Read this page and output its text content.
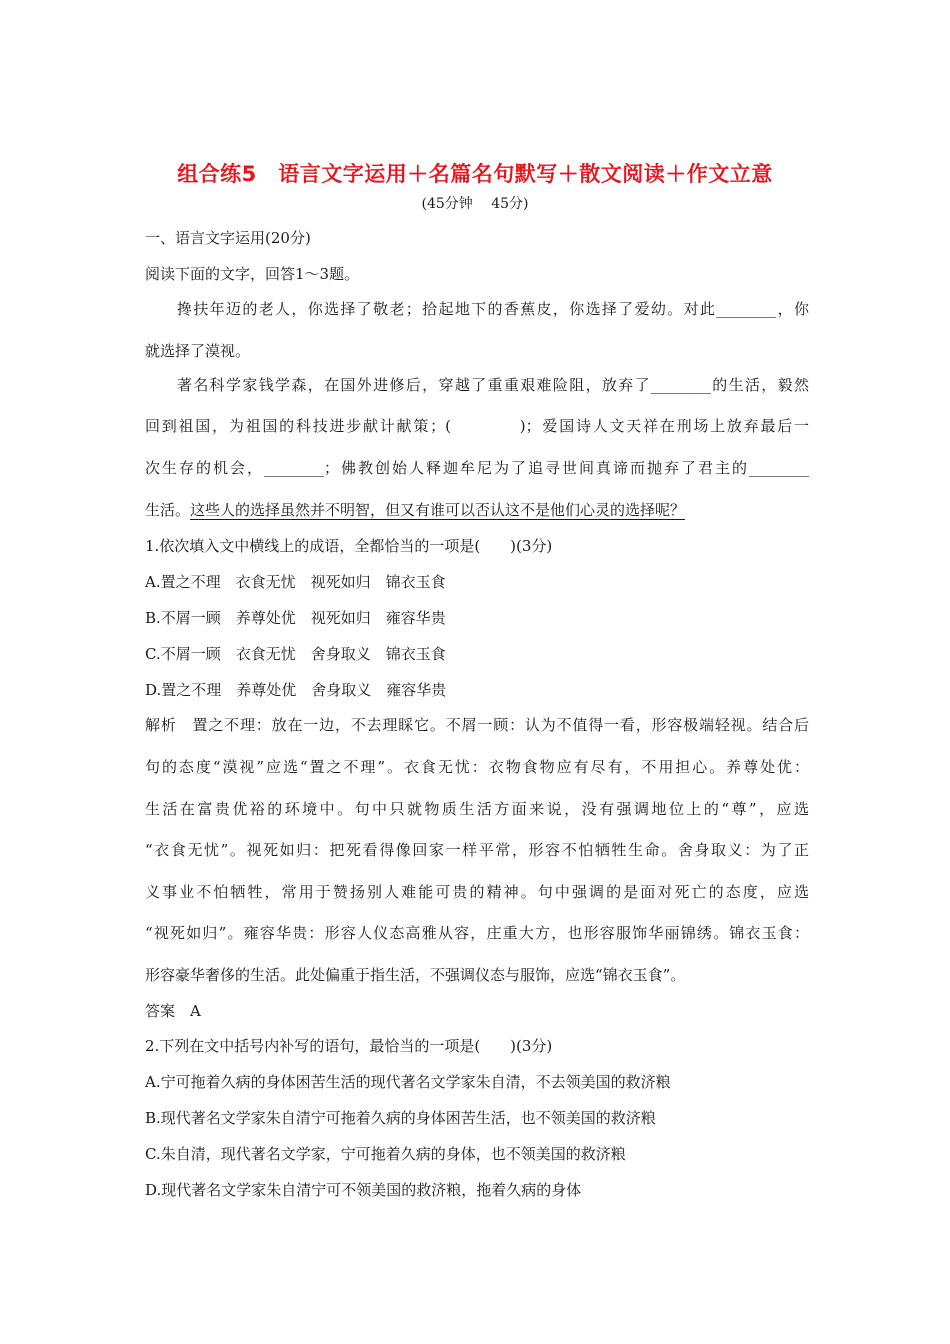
组合练5　语言文字运用＋名篇名句默写＋散文阅读＋作文立意
(45分钟　 45分)
一、语言文字运用(20分)
阅读下面的文字，回答1～3题。
搀扶年迈的老人，你选择了敬老；拾起地下的香蕉皮，你选择了爱幼。对此________，你
就选择了漠视。
著名科学家钱学森，在国外进修后，穿越了重重艰难险阻，放弃了________的生活，毅然
回到祖国，为祖国的科技进步献计献策；(　　　　)；爱国诗人文天祥在刑场上放弃最后一
次生存的机会，________；佛教创始人释迦牟尼为了追寻世间真谛而抛弃了君主的________
生活。这些人的选择虽然并不明智，但又有谁可以否认这不是他们心灵的选择呢？
1.依次填入文中横线上的成语，全都恰当的一项是(　　)(3分)
A.置之不理　衣食无忧　视死如归　锦衣玉食
B.不屑一顾　养尊处优　视死如归　雍容华贵
C.不屑一顾　衣食无忧　舍身取义　锦衣玉食
D.置之不理　养尊处优　舍身取义　雍容华贵
解析　置之不理：放在一边，不去理睬它。不屑一顾：认为不值得一看，形容极端轻视。结合后
句的态度“漠视”应选“置之不理”。衣食无忧：衣物食物应有尽有，不用担心。养尊处优：
生活在富贵优裕的环境中。句中只就物质生活方面来说，没有强调地位上的“尊”，应选
“衣食无忧”。视死如归：把死看得像回家一样平常，形容不怕牺牲生命。舍身取义：为了正
义事业不怕牺牲，常用于赞扬别人难能可贵的精神。句中强调的是面对死亡的态度，应选
“视死如归”。雍容华贵：形容人仪态高雅从容，庄重大方，也形容服饰华丽锦绣。锦衣玉食：
形容豪华奢侈的生活。此处偏重于指生活，不强调仪态与服饰，应选“锦衣玉食”。
答案　A
2.下列在文中括号内补写的语句，最恰当的一项是(　　)(3分)
A.宁可拖着久病的身体困苦生活的现代著名文学家朱自清，不去领美国的救济粮
B.现代著名文学家朱自清宁可拖着久病的身体困苦生活，也不领美国的救济粮
C.朱自清，现代著名文学家，宁可拖着久病的身体，也不领美国的救济粮
D.现代著名文学家朱自清宁可不领美国的救济粮，拖着久病的身体
